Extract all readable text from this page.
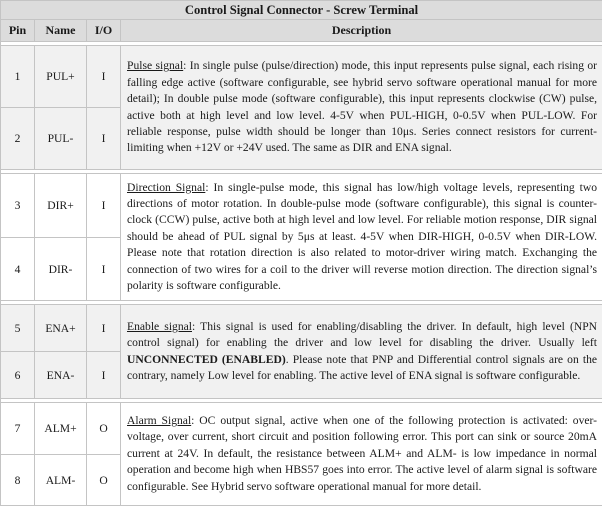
Control Signal Connector - Screw Terminal			
Pin	Name	I/O	Description

1	PUL+	I	Pulse signal: In single pulse (pulse/direction) mode, this input represents pulse signal, each rising or falling edge active (software configurable, see hybrid servo software operational manual for more detail); In double pulse mode (software configurable), this input represents clockwise (CW) pulse, active both at high level and low level. 4-5V when PUL-HIGH, 0-0.5V when PUL-LOW. For reliable response, pulse width should be longer than 10μs. Series connect resistors for current-limiting when +12V or +24V used. The same as DIR and ENA signal.
2	PUL-	I	

3	DIR+	I	Direction Signal: In single-pulse mode, this signal has low/high voltage levels, representing two directions of motor rotation. In double-pulse mode (software configurable), this signal is counter-clock (CCW) pulse, active both at high level and low level. For reliable motion response, DIR signal should be ahead of PUL signal by 5μs at least. 4-5V when DIR-HIGH, 0-0.5V when DIR-LOW. Please note that rotation direction is also related to motor-driver wiring match. Exchanging the connection of two wires for a coil to the driver will reverse motion direction. The direction signal’s polarity is software configurable.
4	DIR-	I	

5	ENA+	I	Enable signal: This signal is used for enabling/disabling the driver. In default, high level (NPN control signal) for enabling the driver and low level for disabling the driver. Usually left UNCONNECTED (ENABLED). Please note that PNP and Differential control signals are on the contrary, namely Low level for enabling. The active level of ENA signal is software configurable.
6	ENA-	I	

7	ALM+	O	Alarm Signal: OC output signal, active when one of the following protection is activated: over-voltage, over current, short circuit and position following error. This port can sink or source 20mA current at 24V. In default, the resistance between ALM+ and ALM- is low impedance in normal operation and become high when HBS57 goes into error. The active level of alarm signal is software configurable. See Hybrid servo software operational manual for more detail.
8	ALM-	O	
